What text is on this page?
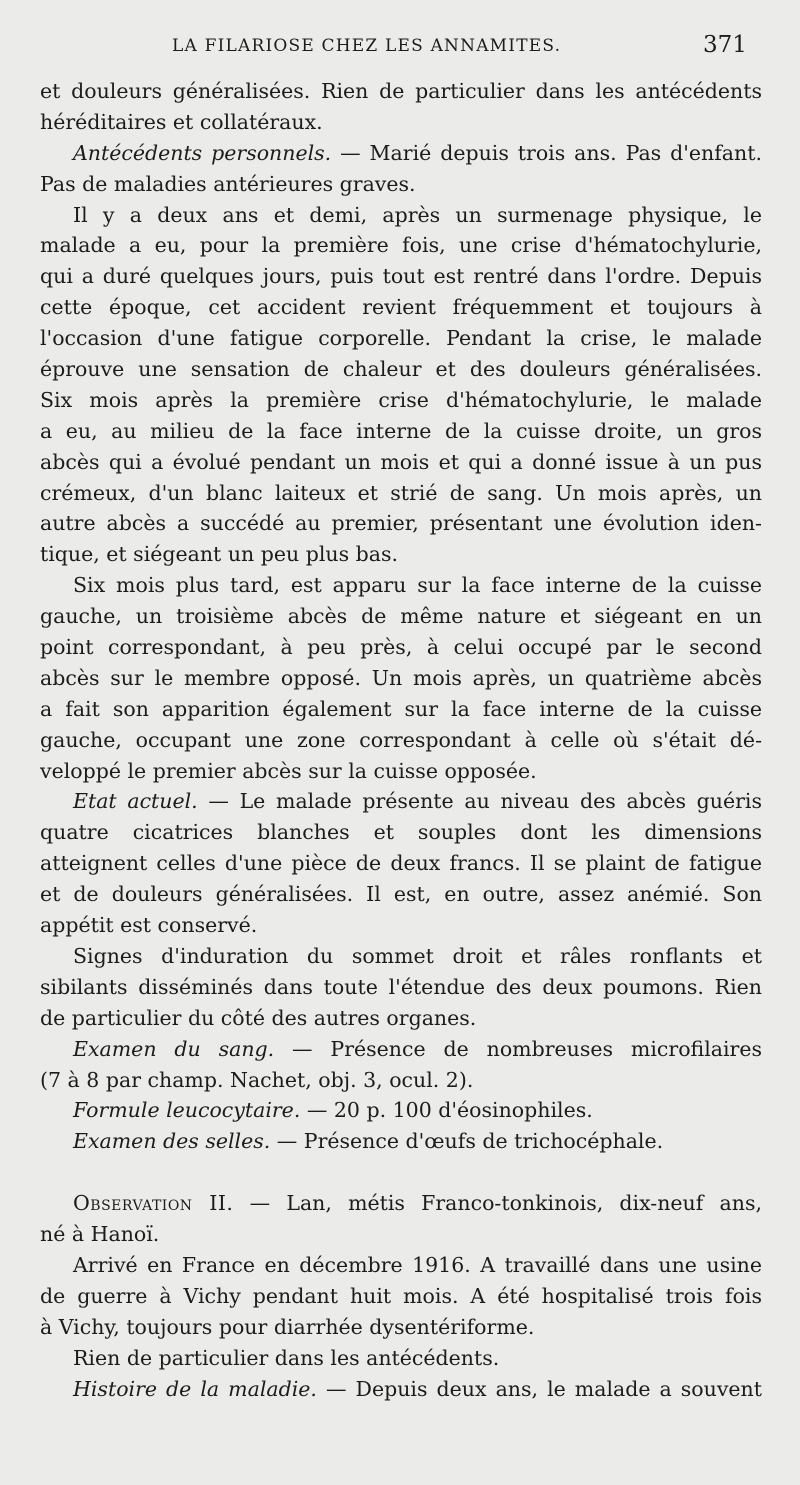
LA FILARIOSE CHEZ LES ANNAMITES.	371
et douleurs généralisées. Rien de particulier dans les antécédents
héréditaires et collatéraux.
Antécédents personnels. — Marié depuis trois ans. Pas d'enfant.
Pas de maladies antérieures graves.
Il y a deux ans et demi, après un surmenage physique, le
malade a eu, pour la première fois, une crise d'hématochylurie,
qui a duré quelques jours, puis tout est rentré dans l'ordre. Depuis
cette époque, cet accident revient fréquemment et toujours à
l'occasion d'une fatigue corporelle. Pendant la crise, le malade
éprouve une sensation de chaleur et des douleurs généralisées.
Six mois après la première crise d'hématochylurie, le malade
a eu, au milieu de la face interne de la cuisse droite, un gros
abcès qui a évolué pendant un mois et qui a donné issue à un pus
crémeux, d'un blanc laiteux et strié de sang. Un mois après, un
autre abcès a succédé au premier, présentant une évolution iden-
tique, et siégeant un peu plus bas.
Six mois plus tard, est apparu sur la face interne de la cuisse
gauche, un troisième abcès de même nature et siégeant en un
point correspondant, à peu près, à celui occupé par le second
abcès sur le membre opposé. Un mois après, un quatrième abcès
a fait son apparition également sur la face interne de la cuisse
gauche, occupant une zone correspondant à celle où s'était dé-
veloppé le premier abcès sur la cuisse opposée.
Etat actuel. — Le malade présente au niveau des abcès guéris
quatre cicatrices blanches et souples dont les dimensions
atteignent celles d'une pièce de deux francs. Il se plaint de fatigue
et de douleurs généralisées. Il est, en outre, assez anémié. Son
appétit est conservé.
Signes d'induration du sommet droit et râles ronflants et
sibilants disséminés dans toute l'étendue des deux poumons. Rien
de particulier du côté des autres organes.
Examen du sang. — Présence de nombreuses microfilaires
(7 à 8 par champ. Nachet, obj. 3, ocul. 2).
Formule leucocytaire. — 20 p. 100 d'éosinophiles.
Examen des selles. — Présence d'œufs de trichocéphale.
Observation II. — Lan, métis Franco-tonkinois, dix-neuf ans,
né à Hanoï.
Arrivé en France en décembre 1916. A travaillé dans une usine
de guerre à Vichy pendant huit mois. A été hospitalisé trois fois
à Vichy, toujours pour diarrhée dysentériforme.
Rien de particulier dans les antécédents.
Histoire de la maladie. — Depuis deux ans, le malade a souvent
